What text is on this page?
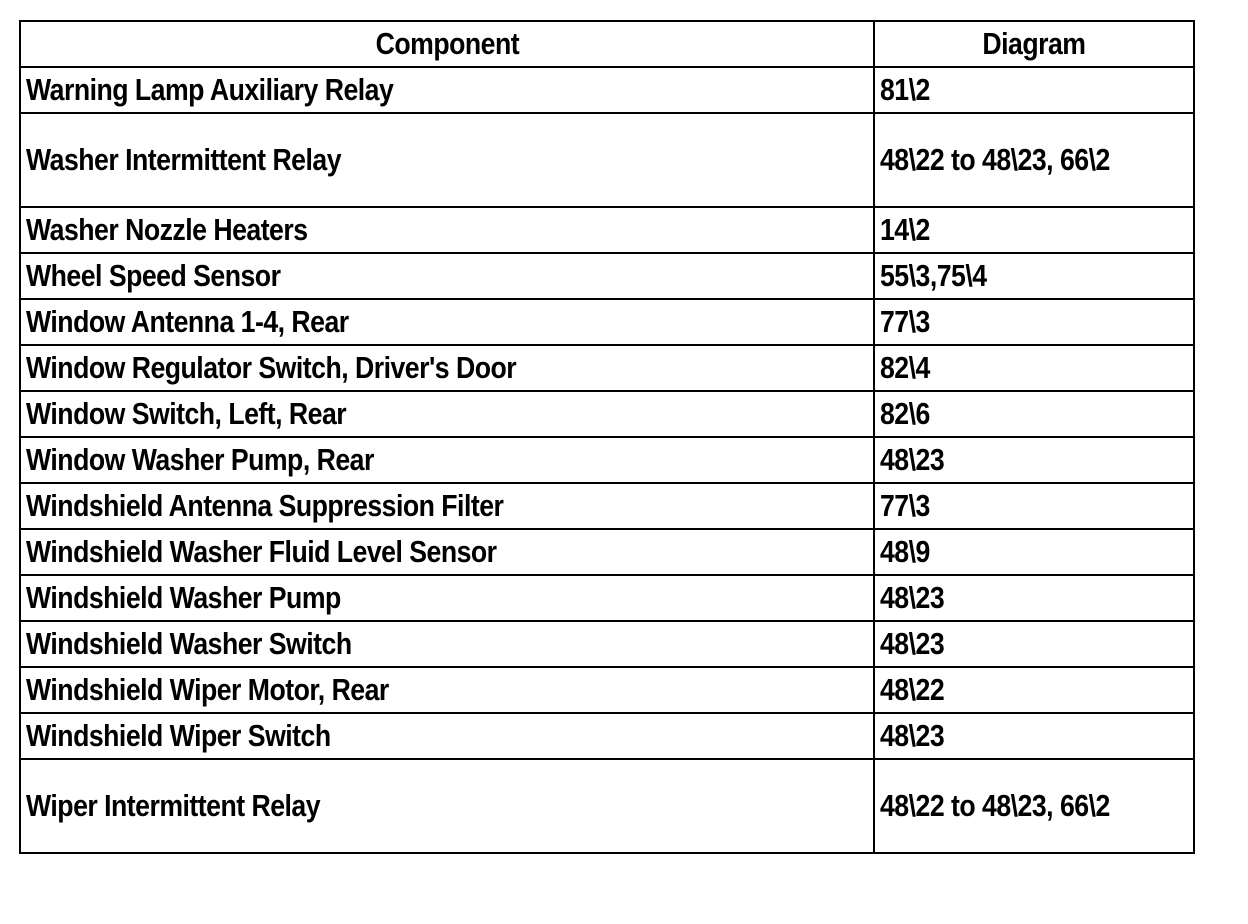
Component	Diagram
Warning Lamp Auxiliary Relay	81\2
Washer Intermittent Relay	48\22 to 48\23, 66\2
Washer Nozzle Heaters	14\2
Wheel Speed Sensor	55\3,75\4
Window Antenna 1-4, Rear	77\3
Window Regulator Switch, Driver's Door	82\4
Window Switch, Left, Rear	82\6
Window Washer Pump, Rear	48\23
Windshield Antenna Suppression Filter	77\3
Windshield Washer Fluid Level Sensor	48\9
Windshield Washer Pump	48\23
Windshield Washer Switch	48\23
Windshield Wiper Motor, Rear	48\22
Windshield Wiper Switch	48\23
Wiper Intermittent Relay	48\22 to 48\23, 66\2
